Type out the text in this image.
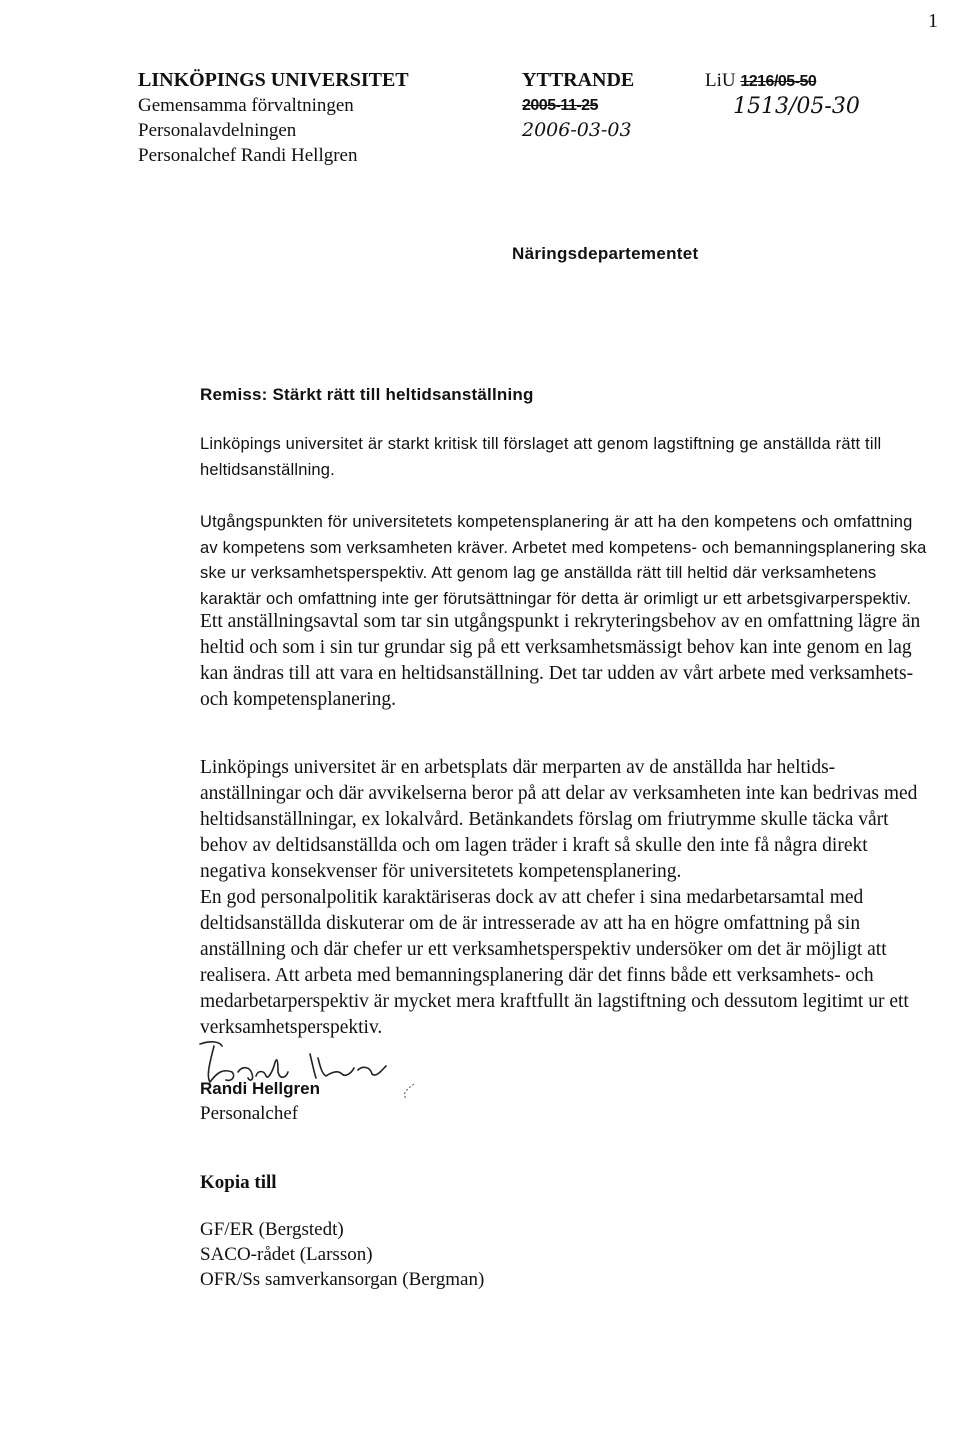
1
LINKÖPINGS UNIVERSITET
Gemensamma förvaltningen
Personalavdelningen
Personalchef Randi Hellgren
YTTRANDE
2005-11-25
2006-03-03
LiU 1216/05-50
1513/05-30
Näringsdepartementet
Remiss: Stärkt rätt till heltidsanställning

Linköpings universitet är starkt kritisk till förslaget att genom lagstiftning ge anställda rätt till heltidsanställning.

Utgångspunkten för universitetets kompetensplanering är att ha den kompetens och omfattning av kompetens som verksamheten kräver. Arbetet med kompetens- och bemanningsplanering ska ske ur verksamhetsperspektiv. Att genom lag ge anställda rätt till heltid där verksamhetens karaktär och omfattning inte ger förutsättningar för detta är orimligt ur ett arbetsgivarperspektiv.

Ett anställningsavtal som tar sin utgångspunkt i rekryteringsbehov av en omfattning lägre än heltid och som i sin tur grundar sig på ett verksamhetsmässigt behov kan inte genom en lag kan ändras till att vara en heltidsanställning. Det tar udden av vårt arbete med verksamhets- och kompetensplanering.

Linköpings universitet är en arbetsplats där merparten av de anställda har heltids- anställningar och där avvikelserna beror på att delar av verksamheten inte kan bedrivas med heltidsanställningar, ex lokalvård. Betänkandets förslag om friutrymme skulle täcka vårt behov av deltidsanställda och om lagen träder i kraft så skulle den inte få några direkt negativa konsekvenser för universitetets kompetensplanering.

En god personalpolitik karaktäriseras dock av att chefer i sina medarbetarsamtal med deltidsanställda diskuterar om de är intresserade av att ha en högre omfattning på sin anställning och där chefer ur ett verksamhetsperspektiv undersöker om det är möjligt att realisera. Att arbeta med bemanningsplanering där det finns både ett verksamhets- och medarbetarperspektiv är mycket mera kraftfullt än lagstiftning och dessutom legitimt ur ett verksamhetsperspektiv.

Randi Hellgren
Personalchef
Kopia till
GF/ER (Bergstedt)
SACO-rådet (Larsson)
OFR/Ss samverkansorgan (Bergman)
